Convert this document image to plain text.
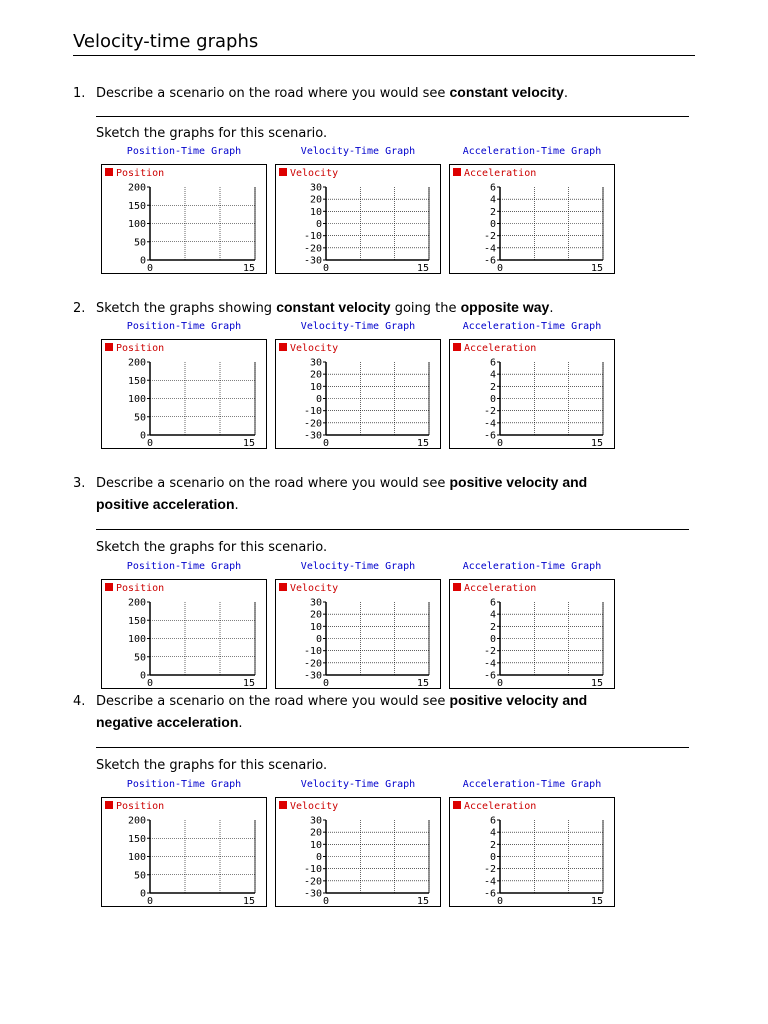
Velocity-time graphs
1. Describe a scenario on the road where you would see constant velocity.
Sketch the graphs for this scenario.
Position-Time Graph
Position
200
150
100
50
0
0	15
Velocity-Time Graph
Velocity
30
20
10
0
-10
-20
-30
0	15
Acceleration-Time Graph
Acceleration
6
4
2
0
-2
-4
-6
0	15
2. Sketch the graphs showing constant velocity going the opposite way.
Position-Time Graph
Position
200
150
100
50
0
0	15
Velocity-Time Graph
Velocity
30
20
10
0
-10
-20
-30
0	15
Acceleration-Time Graph
Acceleration
6
4
2
0
-2
-4
-6
0	15
3. Describe a scenario on the road where you would see positive velocity and positive acceleration.
Sketch the graphs for this scenario.
Position-Time Graph
Position
200
150
100
50
0
0	15
Velocity-Time Graph
Velocity
30
20
10
0
-10
-20
-30
0	15
Acceleration-Time Graph
Acceleration
6
4
2
0
-2
-4
-6
0	15
4. Describe a scenario on the road where you would see positive velocity and negative acceleration.
Sketch the graphs for this scenario.
Position-Time Graph
Position
200
150
100
50
0
0	15
Velocity-Time Graph
Velocity
30
20
10
0
-10
-20
-30
0	15
Acceleration-Time Graph
Acceleration
6
4
2
0
-2
-4
-6
0	15
